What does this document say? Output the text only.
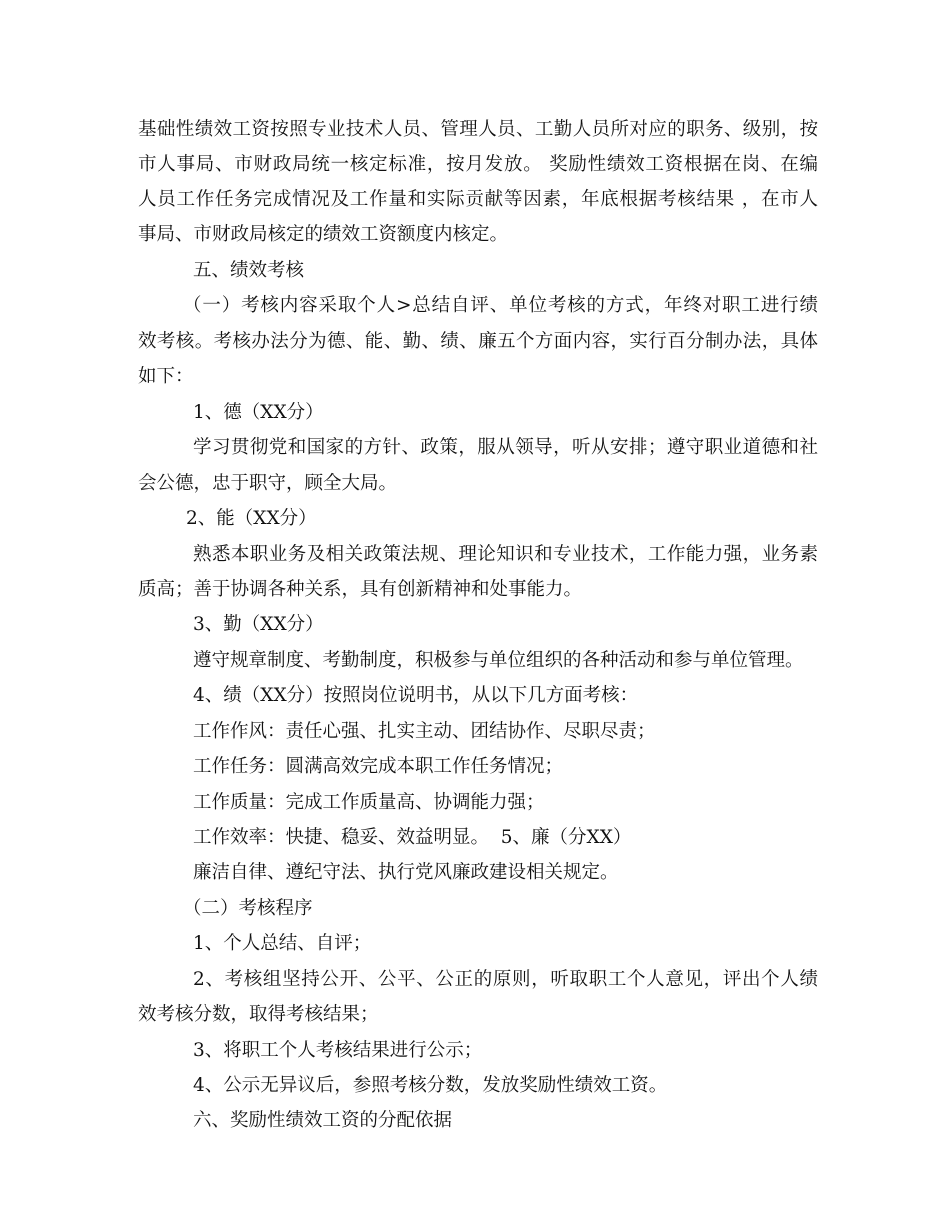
基础性绩效工资按照专业技术人员、管理人员、工勤人员所对应的职务、级别，按
市人事局、市财政局统一核定标准，按月发放。 奖励性绩效工资根据在岗、在编
人员工作任务完成情况及工作量和实际贡献等因素，年底根据考核结果 ，在市人
事局、市财政局核定的绩效工资额度内核定。
五、绩效考核
（一）考核内容采取个人>总结自评、单位考核的方式，年终对职工进行绩
效考核。考核办法分为德、能、勤、绩、廉五个方面内容，实行百分制办法，具体
如下：
1、德（XX分）
学习贯彻党和国家的方针、政策，服从领导，听从安排；遵守职业道德和社
会公德，忠于职守，顾全大局。
2、能（XX分）
熟悉本职业务及相关政策法规、理论知识和专业技术，工作能力强，业务素
质高；善于协调各种关系，具有创新精神和处事能力。
3、勤（XX分）
遵守规章制度、考勤制度，积极参与单位组织的各种活动和参与单位管理。
4、绩（XX分）按照岗位说明书，从以下几方面考核：
工作作风：责任心强、扎实主动、团结协作、尽职尽责；
工作任务：圆满高效完成本职工作任务情况；
工作质量：完成工作质量高、协调能力强；
工作效率：快捷、稳妥、效益明显。  5、廉（分XX）
廉洁自律、遵纪守法、执行党风廉政建设相关规定。
（二）考核程序
1、个人总结、自评；
2、考核组坚持公开、公平、公正的原则，听取职工个人意见，评出个人绩
效考核分数，取得考核结果；
3、将职工个人考核结果进行公示；
4、公示无异议后，参照考核分数，发放奖励性绩效工资。
六、奖励性绩效工资的分配依据
